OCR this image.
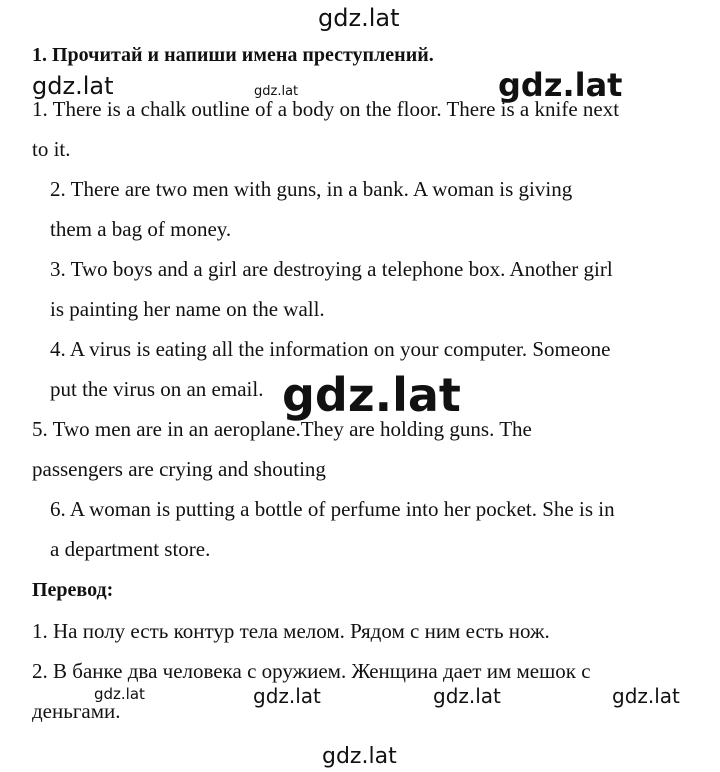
gdz.lat
gdz.lat	gdz.lat	gdz.lat
1. Прочитай и напиши имена преступлений.
1. There is a chalk outline of a body on the floor. There is a knife next
to it.
2. There are two men with guns, in a bank. A woman is giving
them a bag of money.
3. Two boys and a girl are destroying a telephone box. Another girl
is painting her name on the wall.
4. A virus is eating all the information on your computer. Someone
put the virus on an email. gdz.lat
5. Two men are in an aeroplane.They are holding guns. The
passengers are crying and shouting
6. A woman is putting a bottle of perfume into her pocket. She is in
a department store.
Перевод:
1. На полу есть контур тела мелом. Рядом с ним есть нож.
2. В банке два человека с оружием. Женщина дает им мешок с
деньгами.
gdz.lat	gdz.lat	gdz.lat	gdz.lat
gdz.lat
